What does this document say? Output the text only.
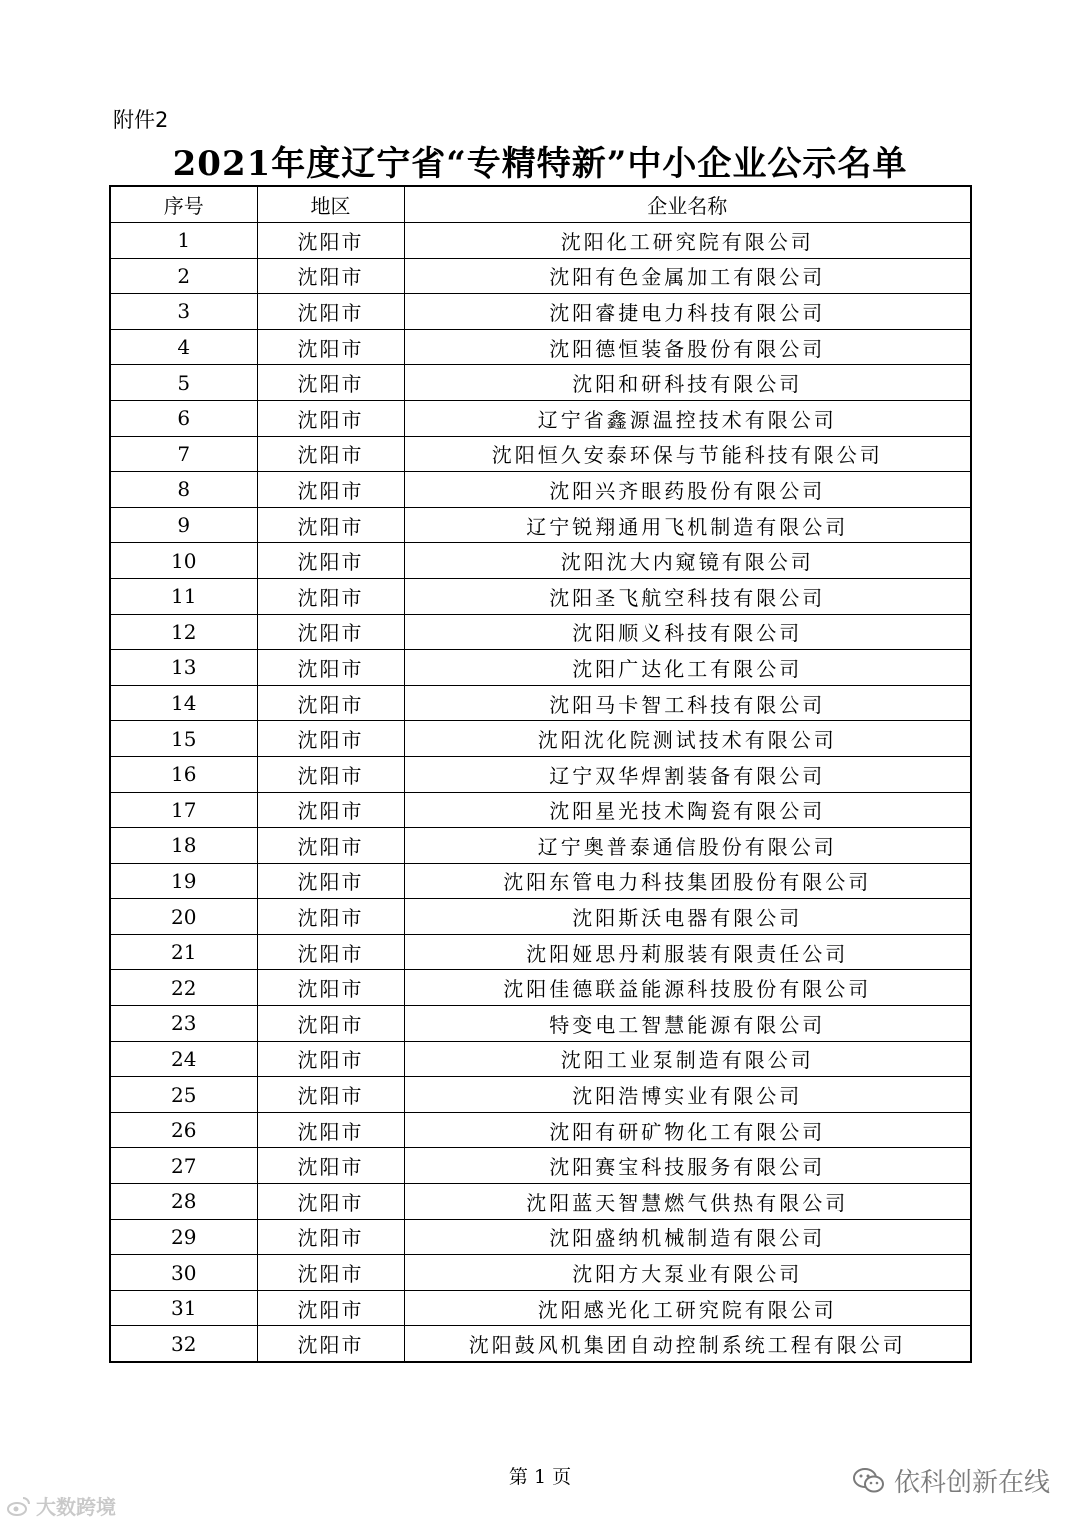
附件2
2021年度辽宁省“专精特新”中小企业公示名单
序号	地区	企业名称
1	沈阳市	沈阳化工研究院有限公司
2	沈阳市	沈阳有色金属加工有限公司
3	沈阳市	沈阳睿捷电力科技有限公司
4	沈阳市	沈阳德恒装备股份有限公司
5	沈阳市	沈阳和研科技有限公司
6	沈阳市	辽宁省鑫源温控技术有限公司
7	沈阳市	沈阳恒久安泰环保与节能科技有限公司
8	沈阳市	沈阳兴齐眼药股份有限公司
9	沈阳市	辽宁锐翔通用飞机制造有限公司
10	沈阳市	沈阳沈大内窥镜有限公司
11	沈阳市	沈阳圣飞航空科技有限公司
12	沈阳市	沈阳顺义科技有限公司
13	沈阳市	沈阳广达化工有限公司
14	沈阳市	沈阳马卡智工科技有限公司
15	沈阳市	沈阳沈化院测试技术有限公司
16	沈阳市	辽宁双华焊割装备有限公司
17	沈阳市	沈阳星光技术陶瓷有限公司
18	沈阳市	辽宁奥普泰通信股份有限公司
19	沈阳市	沈阳东管电力科技集团股份有限公司
20	沈阳市	沈阳斯沃电器有限公司
21	沈阳市	沈阳娅思丹莉服装有限责任公司
22	沈阳市	沈阳佳德联益能源科技股份有限公司
23	沈阳市	特变电工智慧能源有限公司
24	沈阳市	沈阳工业泵制造有限公司
25	沈阳市	沈阳浩博实业有限公司
26	沈阳市	沈阳有研矿物化工有限公司
27	沈阳市	沈阳赛宝科技服务有限公司
28	沈阳市	沈阳蓝天智慧燃气供热有限公司
29	沈阳市	沈阳盛纳机械制造有限公司
30	沈阳市	沈阳方大泵业有限公司
31	沈阳市	沈阳感光化工研究院有限公司
32	沈阳市	沈阳鼓风机集团自动控制系统工程有限公司
第 1 页
大数跨境
依科创新在线
